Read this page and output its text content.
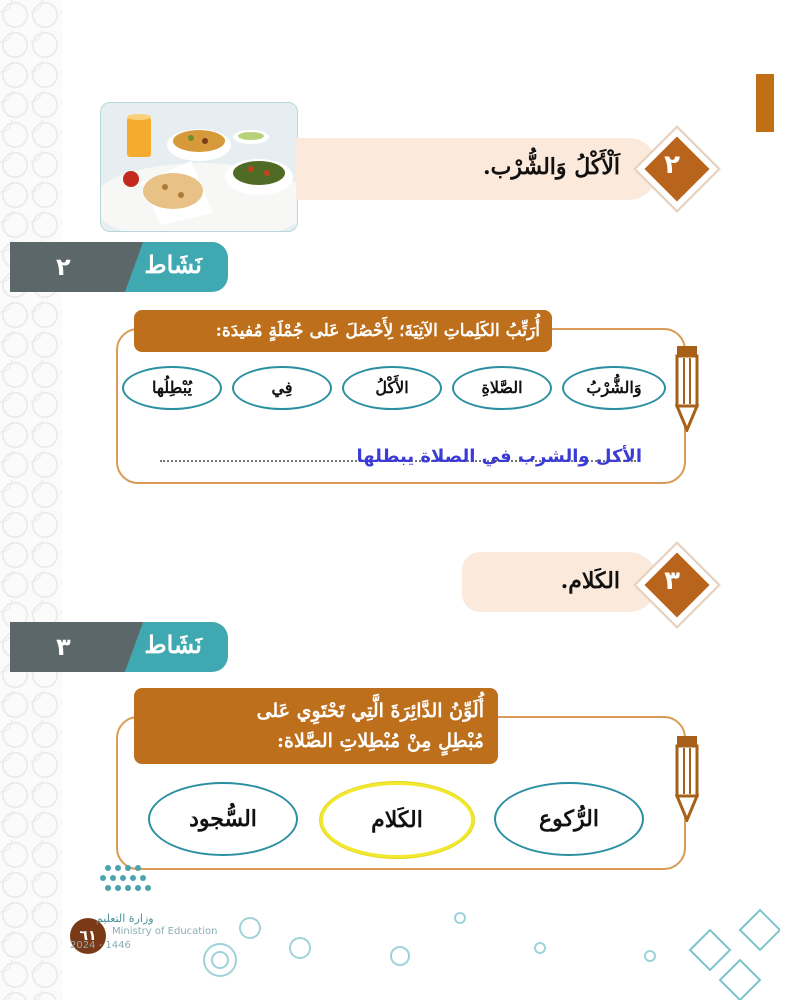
اَلْأَكْلُ وَالشُّرْب.	٢
٢	نَشَاط
أُرَتِّبُ الكَلِماتِ الآتِيَةَ؛ لِأَحْصُلَ عَلى جُمْلَةٍ مُفيدَة:
وَالشُّرْبُ
الصَّلاةِ
الأَكْلُ
فِي
يُبْطِلُها
الأكل والشرب في الصلاة يبطلها
الكَلام.	٣
٣	نَشَاط
أُلَوِّنُ الدَّائِرَةَ الَّتِي تَحْتَوِي عَلى
مُبْطِلٍ مِنْ مُبْطِلاتِ الصَّلاة:
الرُّكوع
الكَلام
السُّجود
٦١
وزارة التعليم
Ministry of Education
2024 - 1446
